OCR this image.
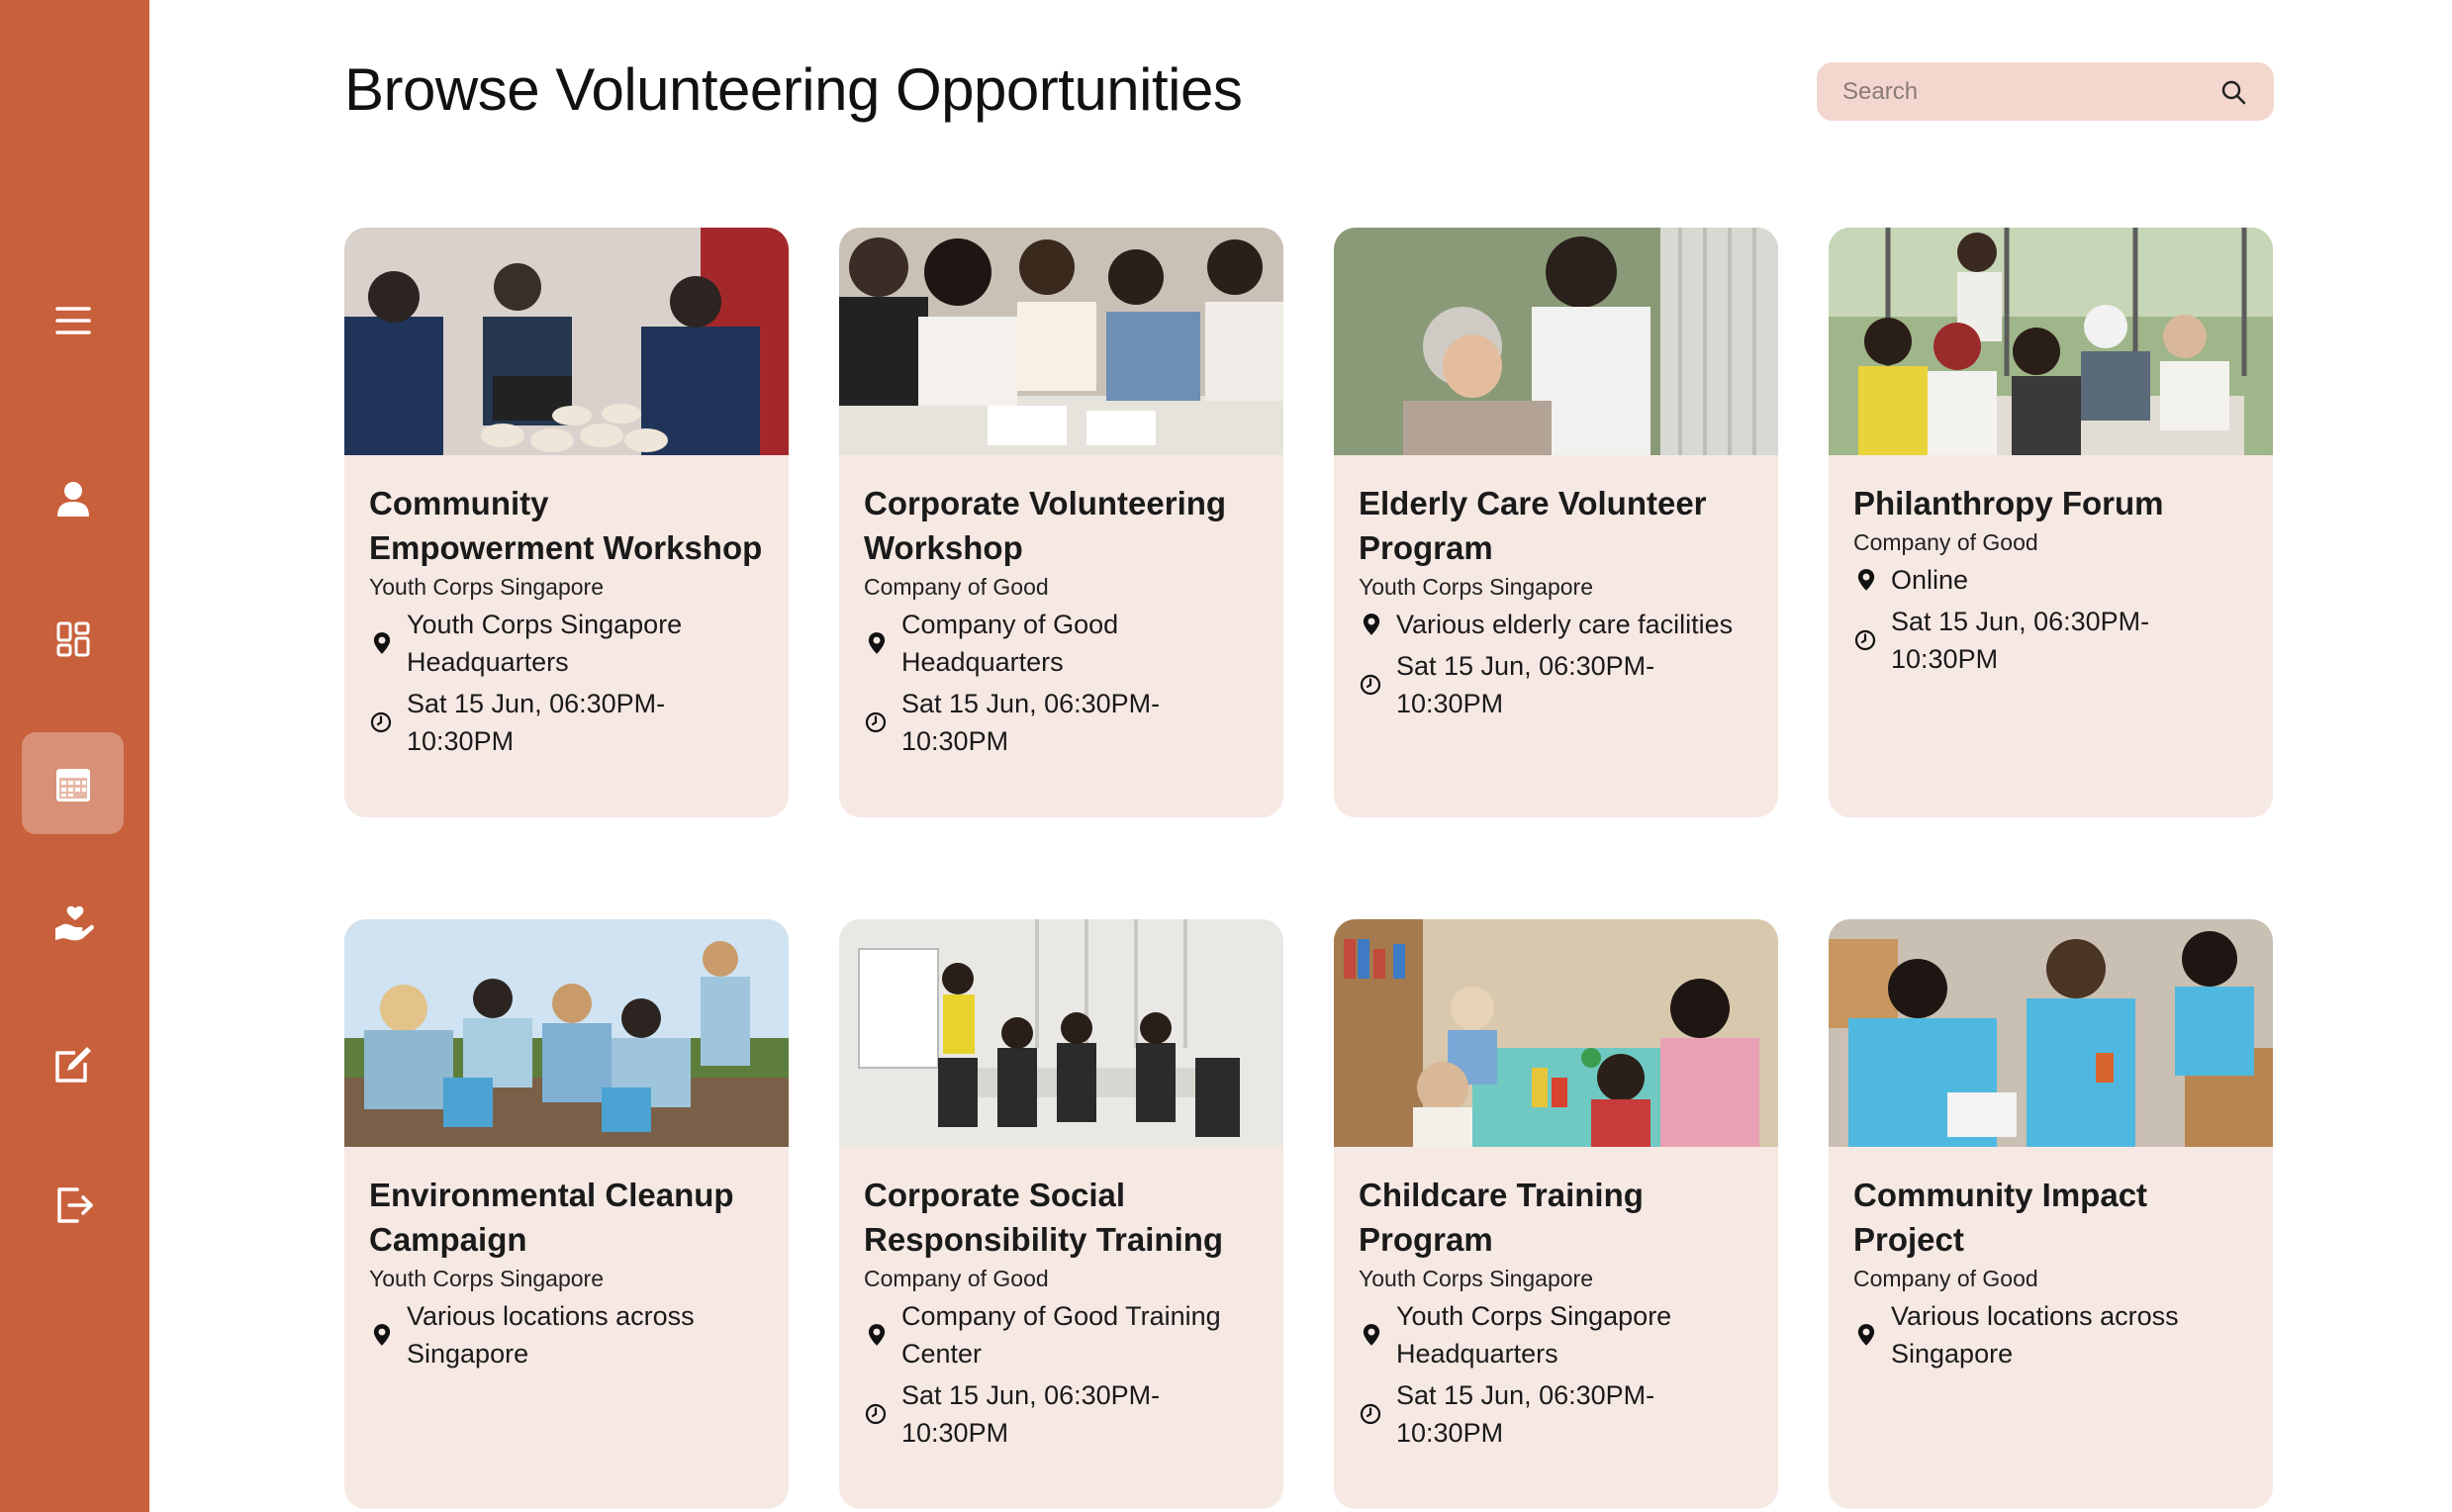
Browse Volunteering Opportunities
Search
Community Empowerment Workshop
Youth Corps Singapore
Youth Corps Singapore Headquarters
Sat 15 Jun, 06:30PM-10:30PM
Corporate Volunteering Workshop
Company of Good
Company of Good Headquarters
Sat 15 Jun, 06:30PM-10:30PM
Elderly Care Volunteer Program
Youth Corps Singapore
Various elderly care facilities
Sat 15 Jun, 06:30PM-10:30PM
Philanthropy Forum
Company of Good
Online
Sat 15 Jun, 06:30PM-10:30PM
Environmental Cleanup Campaign
Youth Corps Singapore
Various locations across Singapore
Corporate Social Responsibility Training
Company of Good
Company of Good Training Center
Sat 15 Jun, 06:30PM-10:30PM
Childcare Training Program
Youth Corps Singapore
Youth Corps Singapore Headquarters
Sat 15 Jun, 06:30PM-10:30PM
Community Impact Project
Company of Good
Various locations across Singapore
